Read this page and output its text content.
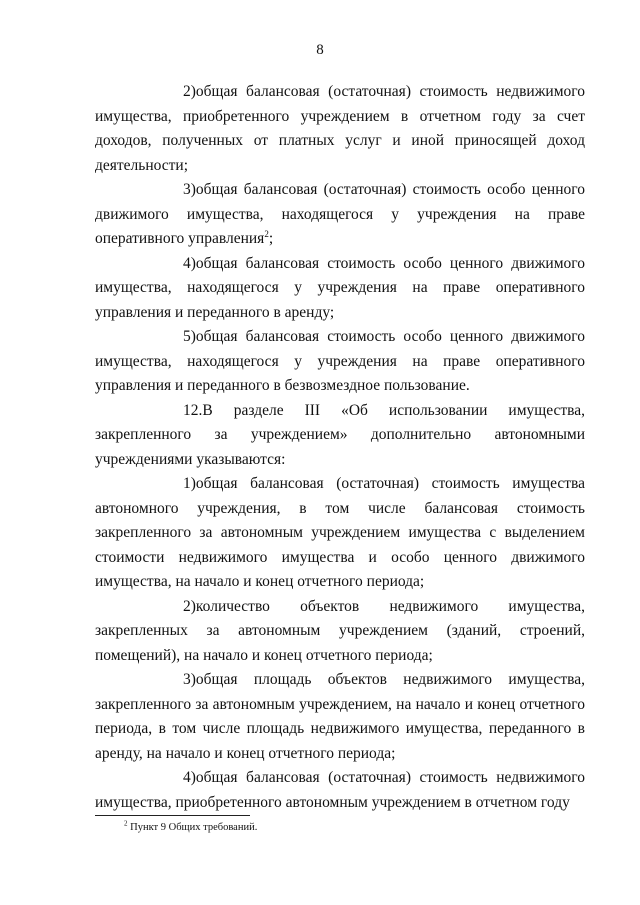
8

2)общая балансовая (остаточная) стоимость недвижимого имущества, приобретенного учреждением в отчетном году за счет доходов, полученных от платных услуг и иной приносящей доход деятельности;

3)общая балансовая (остаточная) стоимость особо ценного движимого имущества, находящегося у учреждения на праве оперативного управления$^2$;

4)общая балансовая стоимость особо ценного движимого имущества, находящегося у учреждения на праве оперативного управления и переданного в аренду;

5)общая балансовая стоимость особо ценного движимого имущества, находящегося у учреждения на праве оперативного управления и переданного в безвозмездное пользование.

12.В разделе III «Об использовании имущества, закрепленного за учреждением» дополнительно автономными учреждениями указываются:

1)общая балансовая (остаточная) стоимость имущества автономного учреждения, в том числе балансовая стоимость закрепленного за автономным учреждением имущества с выделением стоимости недвижимого имущества и особо ценного движимого имущества, на начало и конец отчетного периода;

2)количество объектов недвижимого имущества, закрепленных за автономным учреждением (зданий, строений, помещений), на начало и конец отчетного периода;

3)общая площадь объектов недвижимого имущества, закрепленного за автономным учреждением, на начало и конец отчетного периода, в том числе площадь недвижимого имущества, переданного в аренду, на начало и конец отчетного периода;

4)общая балансовая (остаточная) стоимость недвижимого имущества, приобретенного автономным учреждением в отчетном году

$^2$ Пункт 9 Общих требований.
